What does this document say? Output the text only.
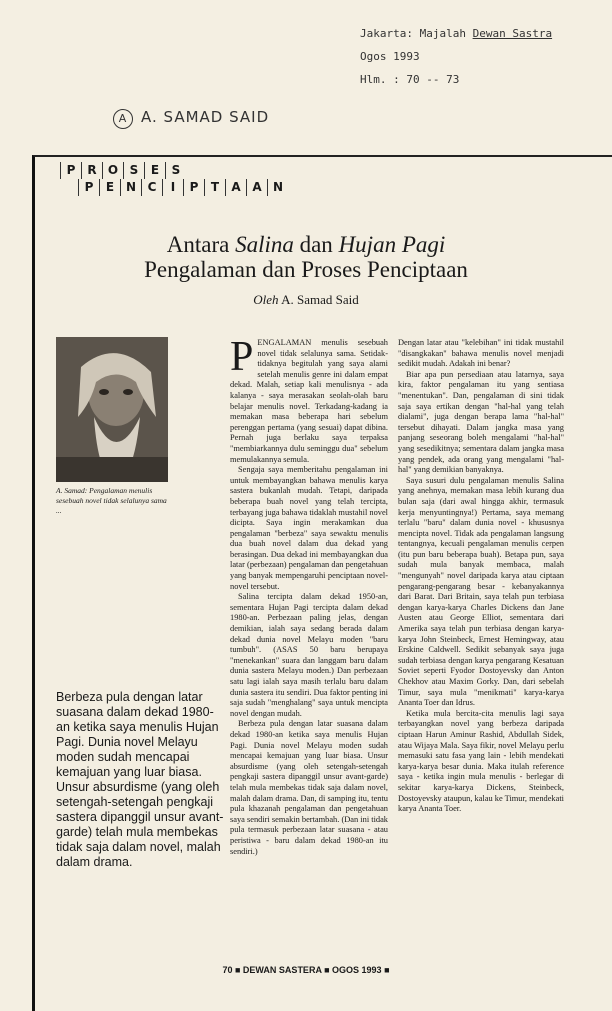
Jakarta: Majalah Dewan Sastra
Ogos 1993
Hlm. : 70 -- 73
A A. SAMAD SAID
P R O S	E	S
P	E N C	I	P	T	A A N
Antara Salina dan Hujan Pagi
Pengalaman dan Proses Penciptaan
Oleh A. Samad Said
A. Samad: Pengalaman menulis sesebuah novel tidak selalunya sama ...
Berbeza pula dengan latar suasana dalam dekad 1980-an ketika saya menulis Hujan Pagi. Dunia novel Melayu moden sudah mencapai kemajuan yang luar biasa. Unsur absurdisme (yang oleh setengah-setengah pengkaji sastera dipanggil unsur avant-garde) telah mula membekas tidak saja dalam novel, malah dalam drama.
P ENGALAMAN menulis sesebuah novel tidak selalunya sama. Setidak-tidaknya begitulah yang saya alami setelah menulis genre ini dalam empat dekad. Malah, setiap kali menulisnya - ada kalanya - saya merasakan seolah-olah baru belajar menulis novel. Terkadang-kadang ia memakan masa beberapa hari sebelum perenggan pertama (yang sesuai) dapat dibina. Pernah juga berlaku saya terpaksa "membiarkannya dulu seminggu dua" sebelum memulakannya semula.

Sengaja saya memberitahu pengalaman ini untuk membayangkan bahawa menulis karya sastera bukanlah mudah. Tetapi, daripada beberapa buah novel yang telah tercipta, terbayang juga bahawa tidaklah mustahil novel dicipta. Saya ingin merakamkan dua pengalaman "berbeza" saya sewaktu menulis dua buah novel dalam dua dekad yang berasingan. Dua dekad ini membayangkan dua latar (perbezaan) pengalaman dan pengetahuan yang banyak mempengaruhi penciptaan novel-novel tersebut.

Salina tercipta dalam dekad 1950-an, sementara Hujan Pagi tercipta dalam dekad 1980-an. Perbezaan paling jelas, dengan demikian, ialah saya sedang berada dalam dekad dunia novel Melayu moden "baru tumbuh". (ASAS 50 baru berupaya "menekankan" suara dan langgam baru dalam dunia sastera Melayu moden.) Dan perbezaan satu lagi ialah saya masih terlalu baru dalam dunia sastera itu sendiri. Dua faktor penting ini saja sudah "menghalang" saya untuk mencipta novel dengan mudah.

Berbeza pula dengan latar suasana dalam dekad 1980-an ketika saya menulis Hujan Pagi. Dunia novel Melayu moden sudah mencapai kemajuan yang luar biasa. Unsur absurdisme (yang oleh setengah-setengah pengkaji sastera dipanggil unsur avant-garde) telah mula membekas tidak saja dalam novel, malah dalam drama. Dan, di samping itu, tentu pula khazanah pengalaman dan pengetahuan saya sendiri semakin bertambah. (Dan ini tidak pula termasuk perbezaan latar suasana - atau peristiwa - baru dalam dekad 1980-an itu sendiri.)

Dengan latar atau "kelebihan" ini tidak mustahil "disangkakan" bahawa menulis novel menjadi sedikit mudah. Adakah ini benar?

Biar apa pun persediaan atau latarnya, saya kira, faktor pengalaman itu yang sentiasa "menentukan". Dan, pengalaman di sini tidak saja saya ertikan dengan "hal-hal yang telah dialami", juga dengan berapa lama "hal-hal" tersebut dihayati. Dalam jangka masa yang panjang seseorang boleh mengalami "hal-hal" yang sesedikitnya; sementara dalam jangka masa yang pendek, ada orang yang mengalami "hal-hal" yang demikian banyaknya.

Saya susuri dulu pengalaman menulis Salina yang anehnya, memakan masa lebih kurang dua bulan saja (dari awal hingga akhir, termasuk kerja menyuntingnya!) Pertama, saya memang terlalu "baru" dalam dunia novel - khususnya mencipta novel. Tidak ada pengalaman langsung tentangnya, kecuali pengalaman menulis cerpen (itu pun baru beberapa buah). Betapa pun, saya sudah mula banyak membaca, malah "mengunyah" novel daripada karya atau ciptaan pengarang-pengarang besar - kebanyakannya dari Barat. Dari Britain, saya telah pun terbiasa dengan karya-karya Charles Dickens dan Jane Austen atau George Elliot, sementara dari Amerika saya telah pun terbiasa dengan karya-karya John Steinbeck, Ernest Hemingway, atau Erskine Caldwell. Sedikit sebanyak saya juga sudah terbiasa dengan karya pengarang Kesatuan Soviet seperti Fyodor Dostoyevsky dan Anton Chekhov atau Maxim Gorky. Dan, dari sebelah Timur, saya mula "menikmati" karya-karya Ananta Toer dan Idrus.

Ketika mula bercita-cita menulis lagi saya terbayangkan novel yang berbeza daripada ciptaan Harun Aminur Rashid, Abdullah Sidek, atau Wijaya Mala. Saya fikir, novel Melayu perlu memasuki satu fasa yang lain - lebih mendekati karya-karya besar dunia. Maka itulah reference saya - ketika ingin mula menulis - berlegar di sekitar karya-karya Dickens, Steinbeck, Dostoyevsky ataupun, kalau ke Timur, mendekati karya Ananta Toer.

70 ■ DEWAN SASTERA ■ OGOS 1993 ■
